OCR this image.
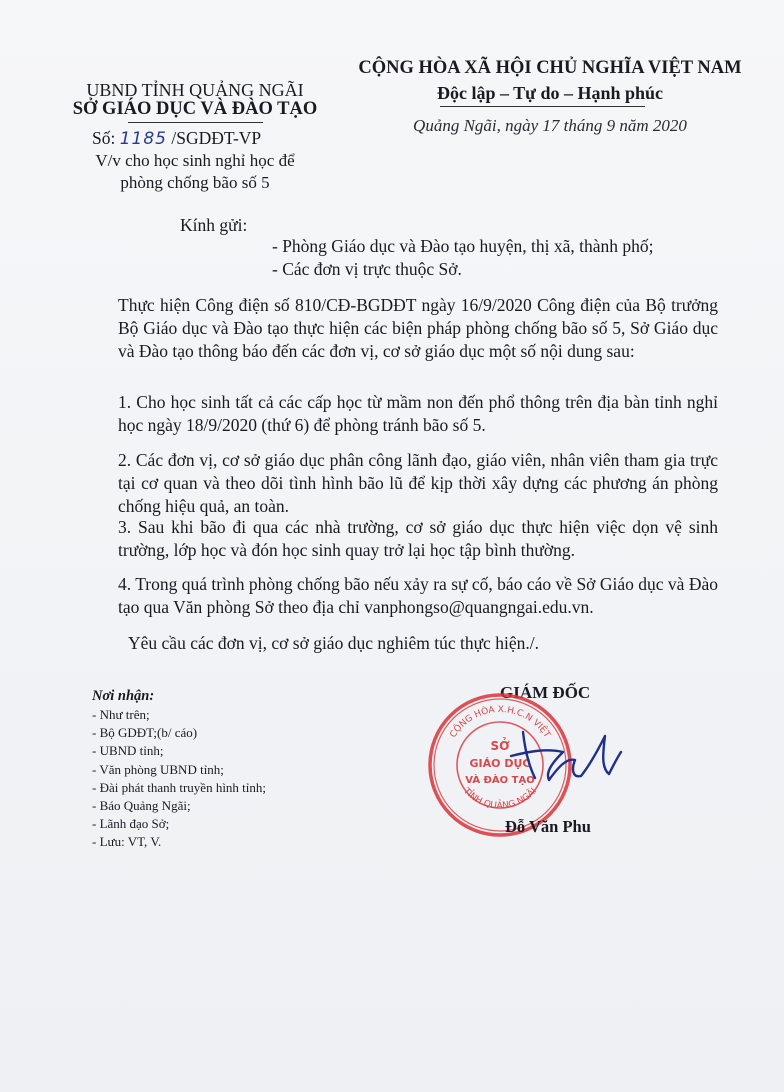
UBND TỈNH QUẢNG NGÃI
SỞ GIÁO DỤC VÀ ĐÀO TẠO
Số: 1185 /SGDĐT-VP
V/v cho học sinh nghỉ học để
phòng chống bão số 5
CỘNG HÒA XÃ HỘI CHỦ NGHĨA VIỆT NAM
Độc lập – Tự do – Hạnh phúc
Quảng Ngãi, ngày 17 tháng 9 năm 2020
Kính gửi:
- Phòng Giáo dục và Đào tạo huyện, thị xã, thành phố;
- Các đơn vị trực thuộc Sở.

Thực hiện Công điện số 810/CĐ-BGDĐT ngày 16/9/2020 Công điện của Bộ trưởng Bộ Giáo dục và Đào tạo thực hiện các biện pháp phòng chống bão số 5, Sở Giáo dục và Đào tạo thông báo đến các đơn vị, cơ sở giáo dục một số nội dung sau:

1. Cho học sinh tất cả các cấp học từ mầm non đến phổ thông trên địa bàn tỉnh nghỉ học ngày 18/9/2020 (thứ 6) để phòng tránh bão số 5.

2. Các đơn vị, cơ sở giáo dục phân công lãnh đạo, giáo viên, nhân viên tham gia trực tại cơ quan và theo dõi tình hình bão lũ để kịp thời xây dựng các phương án phòng chống hiệu quả, an toàn.

3. Sau khi bão đi qua các nhà trường, cơ sở giáo dục thực hiện việc dọn vệ sinh trường, lớp học và đón học sinh quay trở lại học tập bình thường.

4. Trong quá trình phòng chống bão nếu xảy ra sự cố, báo cáo về Sở Giáo dục và Đào tạo qua Văn phòng Sở theo địa chỉ vanphongso@quangngai.edu.vn.

Yêu cầu các đơn vị, cơ sở giáo dục nghiêm túc thực hiện./.

Nơi nhận:
- Như trên;
- Bộ GDĐT;(b/ cáo)
- UBND tỉnh;
- Văn phòng UBND tỉnh;
- Đài phát thanh truyền hình tỉnh;
- Báo Quảng Ngãi;
- Lãnh đạo Sở;
- Lưu: VT, V.
GIÁM ĐỐC
CỘNG HÒA X.H.C.N VIỆT
TỈNH QUẢNG NGÃI
SỞ
GIÁO DỤC
VÀ ĐÀO TẠO
Đỗ Văn Phu
